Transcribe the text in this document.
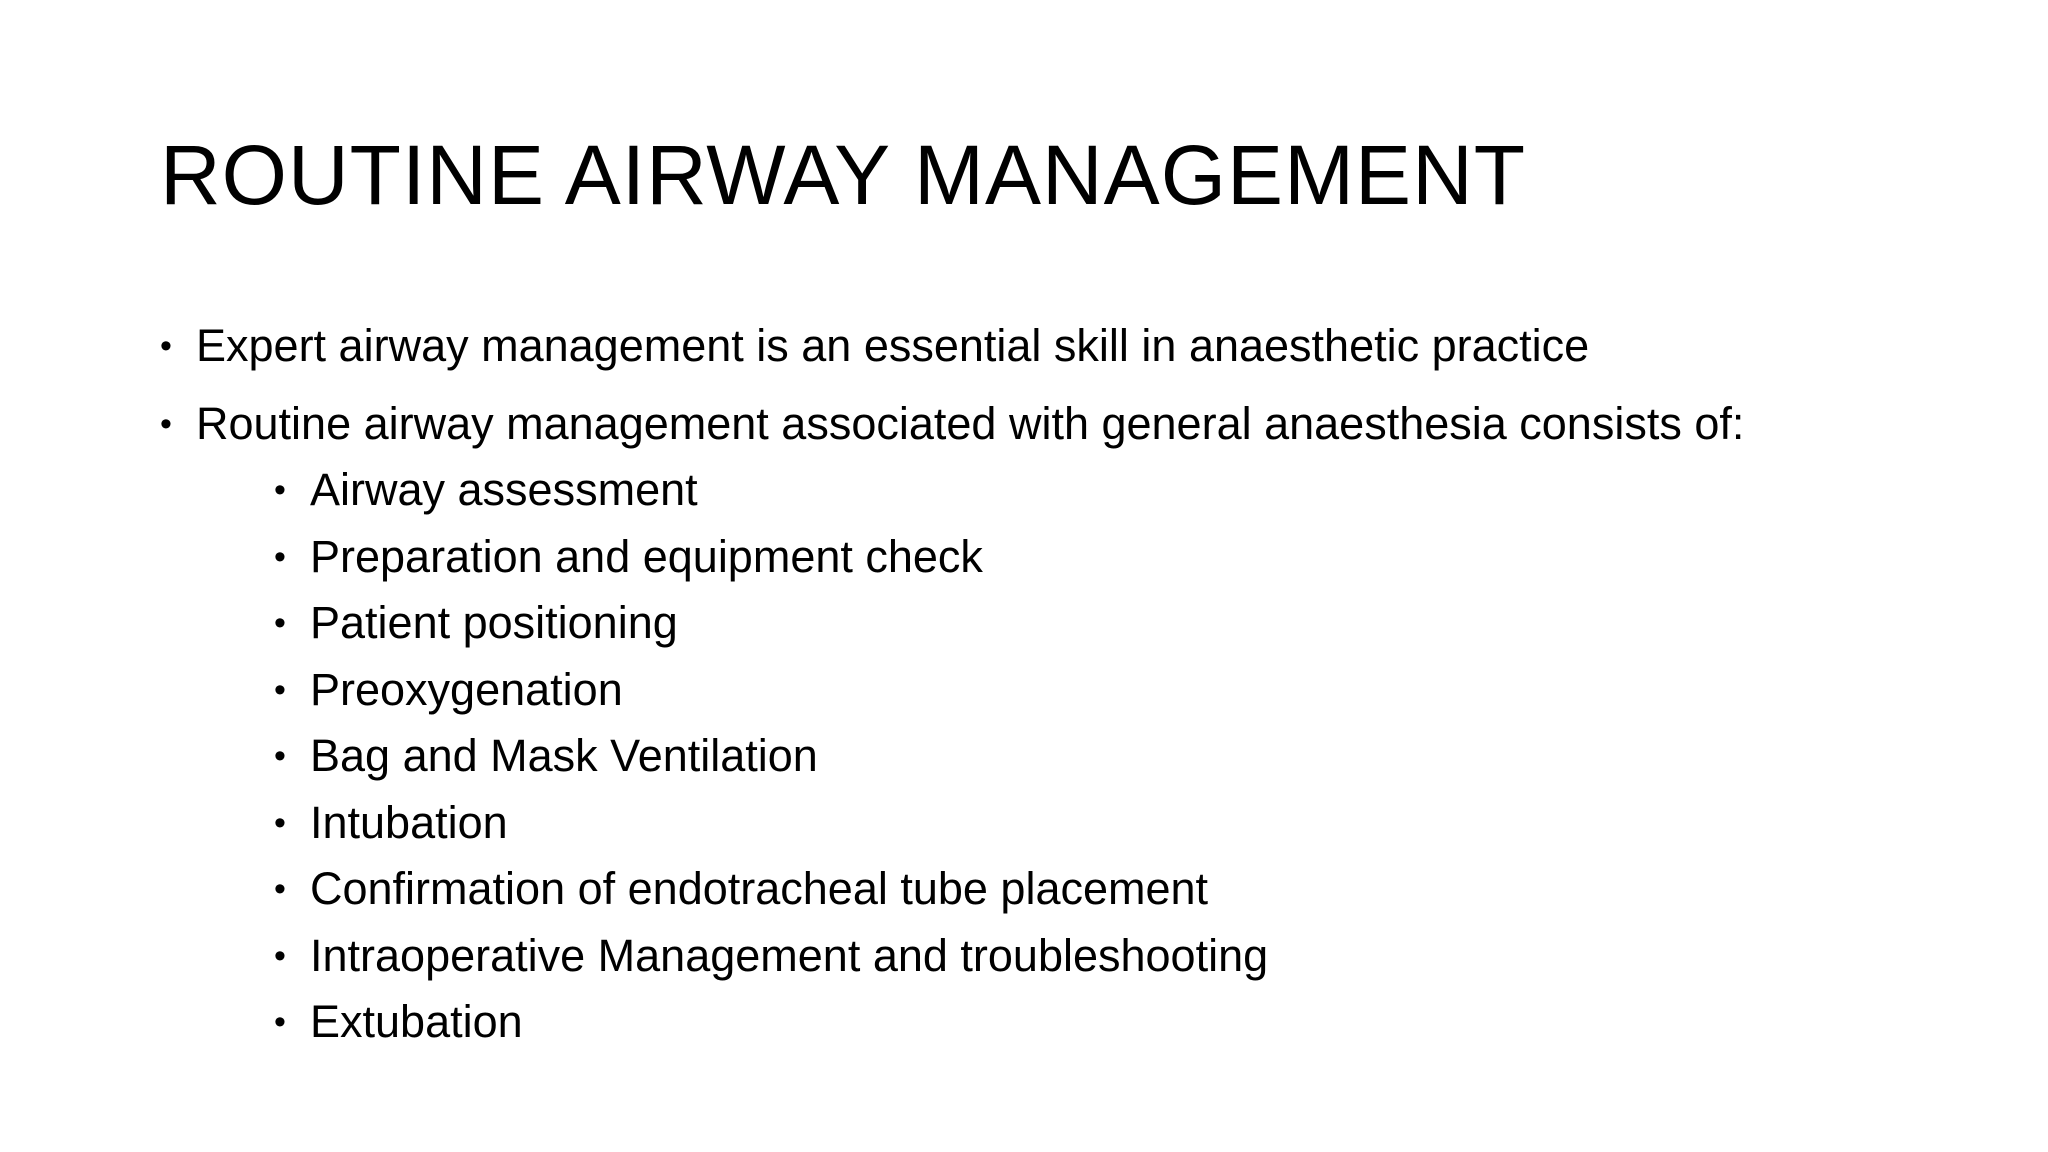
ROUTINE AIRWAY MANAGEMENT
• Expert airway management is an essential skill in anaesthetic practice
• Routine airway management associated with general anaesthesia consists of:
• Airway assessment
• Preparation and equipment check
• Patient positioning
• Preoxygenation
• Bag and Mask Ventilation
• Intubation
• Confirmation of endotracheal tube placement
• Intraoperative Management and troubleshooting
• Extubation
